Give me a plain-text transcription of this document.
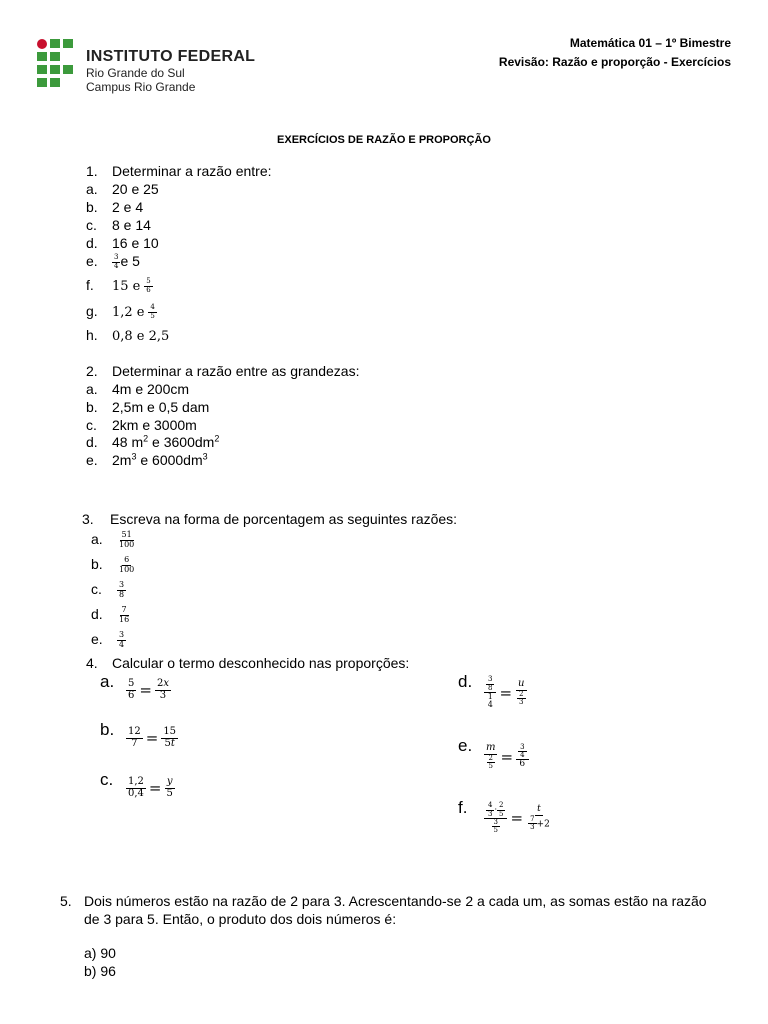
INSTITUTO FEDERAL
Rio Grande do Sul
Campus Rio Grande
Matemática 01 – 1º Bimestre
Revisão: Razão e proporção - Exercícios
EXERCÍCIOS DE RAZÃO E PROPORÇÃO
1. Determinar a razão entre:
a. 20 e 25
b. 2 e 4
c. 8 e 14
d. 16 e 10
e. $\frac{3}{4}$ e 5
f. 15 e $\frac{5}{6}$
g. 1,2 e $\frac{4}{5}$
h. 0,8 e 2,5
2. Determinar a razão entre as grandezas:
a. 4m e 200cm
b. 2,5m e 0,5 dam
c. 2km e 3000m
d. 48 $m^2$ e $3600dm^2$
e. $2m^3$ e $6000dm^3$
3. Escreva na forma de porcentagem as seguintes razões:
a. $\frac{51}{100}$
b. $\frac{6}{100}$
c. $\frac{3}{8}$
d. $\frac{7}{16}$
e. $\frac{3}{4}$
4. Calcular o termo desconhecido nas proporções:
a. $\frac{5}{6} = \frac{2x}{3}$
b. $\frac{12}{7} = \frac{15}{5t}$
c. $\frac{1,2}{0,4} = \frac{y}{5}$
d. $\frac{3}{8}$
1
4
= $\frac{u}{\frac{2}{3}}$
e. $\frac{m}{\frac{2}{5}} = \frac{\frac{3}{4}}{6}$
f. $\frac{\frac{4}{3} \cdot \frac{2}{5}}{\frac{3}{5}} = \frac{t}{\frac{7}{3} +2}$
5. Dois números estão na razão de 2 para 3. Acrescentando-se 2 a cada um, as somas estão na razão
de 3 para 5. Então, o produto dos dois números é:
a) 90
b) 96
